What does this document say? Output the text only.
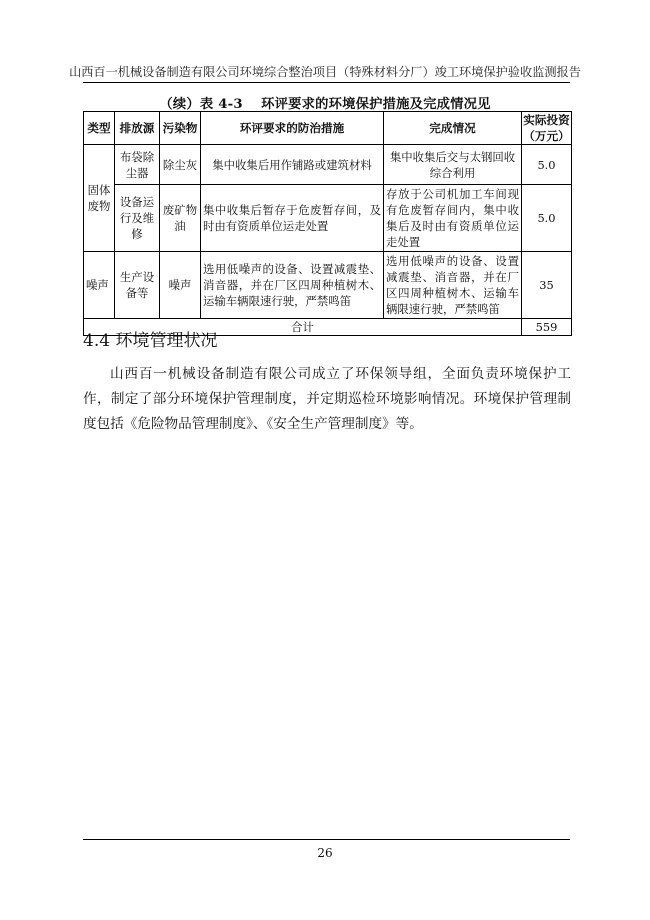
山西百一机械设备制造有限公司环境综合整治项目（特殊材料分厂）竣工环境保护验收监测报告
（续）表 4-3　 环评要求的环境保护措施及完成情况见
类型	排放源	污染物	环评要求的防治措施	完成情况	实际投资（万元）
固体废物	布袋除尘器	除尘灰	集中收集后用作铺路或建筑材料	集中收集后交与太钢回收综合利用	5.0
	设备运行及维修	废矿物油	集中收集后暂存于危废暂存间，及时由有资质单位运走处置	存放于公司机加工车间现有危废暂存间内，集中收集后及时由有资质单位运走处置	5.0
噪声	生产设备等	噪声	选用低噪声的设备、设置减震垫、消音器，并在厂区四周种植树木、运输车辆限速行驶，严禁鸣笛	选用低噪声的设备、设置减震垫、消音器，并在厂区四周种植树木、运输车辆限速行驶，严禁鸣笛	35
合计					559
4.4 环境管理状况

山西百一机械设备制造有限公司成立了环保领导组，全面负责环境保护工作，制定了部分环境保护管理制度，并定期巡检环境影响情况。环境保护管理制度包括《危险物品管理制度》、《安全生产管理制度》等。

26
